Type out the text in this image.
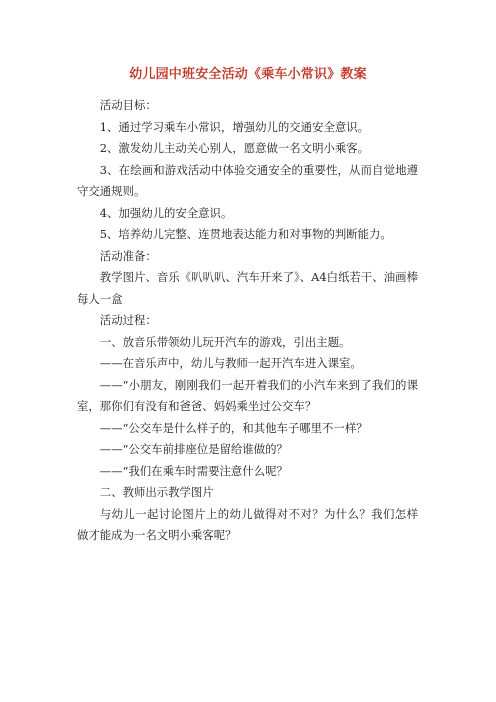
幼儿园中班安全活动《乘车小常识》教案

活动目标：

1、通过学习乘车小常识，增强幼儿的交通安全意识。

2、激发幼儿主动关心别人，愿意做一名文明小乘客。

3、在绘画和游戏活动中体验交通安全的重要性，从而自觉地遵守交通规则。

4、加强幼儿的安全意识。

5、培养幼儿完整、连贯地表达能力和对事物的判断能力。

活动准备：

教学图片、音乐《叭叭叭、汽车开来了》、A4白纸若干、油画棒每人一盒

活动过程：

一、放音乐带领幼儿玩开汽车的游戏，引出主题。

——在音乐声中，幼儿与教师一起开汽车进入课室。

——“小朋友，刚刚我们一起开着我们的小汽车来到了我们的课室，那你们有没有和爸爸、妈妈乘坐过公交车？

——“公交车是什么样子的，和其他车子哪里不一样？

——“公交车前排座位是留给谁做的？

——“我们在乘车时需要注意什么呢？

二、教师出示教学图片

与幼儿一起讨论图片上的幼儿做得对不对？为什么？我们怎样做才能成为一名文明小乘客呢？
